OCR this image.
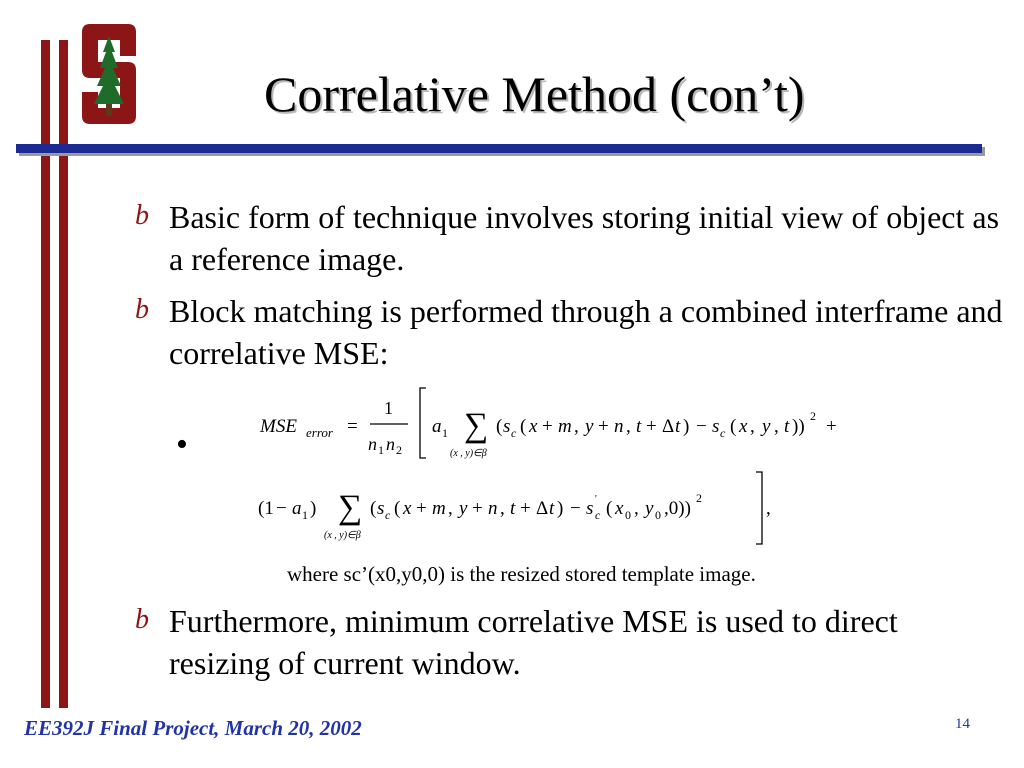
Correlative Method (con’t)
b Basic form of technique involves storing initial view of object as a reference image.
b Block matching is performed through a combined interframe and correlative MSE:
•	MSE error =
1
n 1 n 2
a 1 ∑
(x , y)∈β
( s c ( x + m , y + n , t + Δ t ) − s c ( x , y , t )) 2 +
(1 − a 1 ) ∑
(x , y)∈β
( s c ( x + m , y + n , t + Δ t ) − s '
c ( x 0 , y 0 ,0)) 2	,
where sc’(x0,y0,0) is the resized stored template image.
b Furthermore, minimum correlative MSE is used to direct resizing of current window.
EE392J Final Project, March 20, 2002	14
